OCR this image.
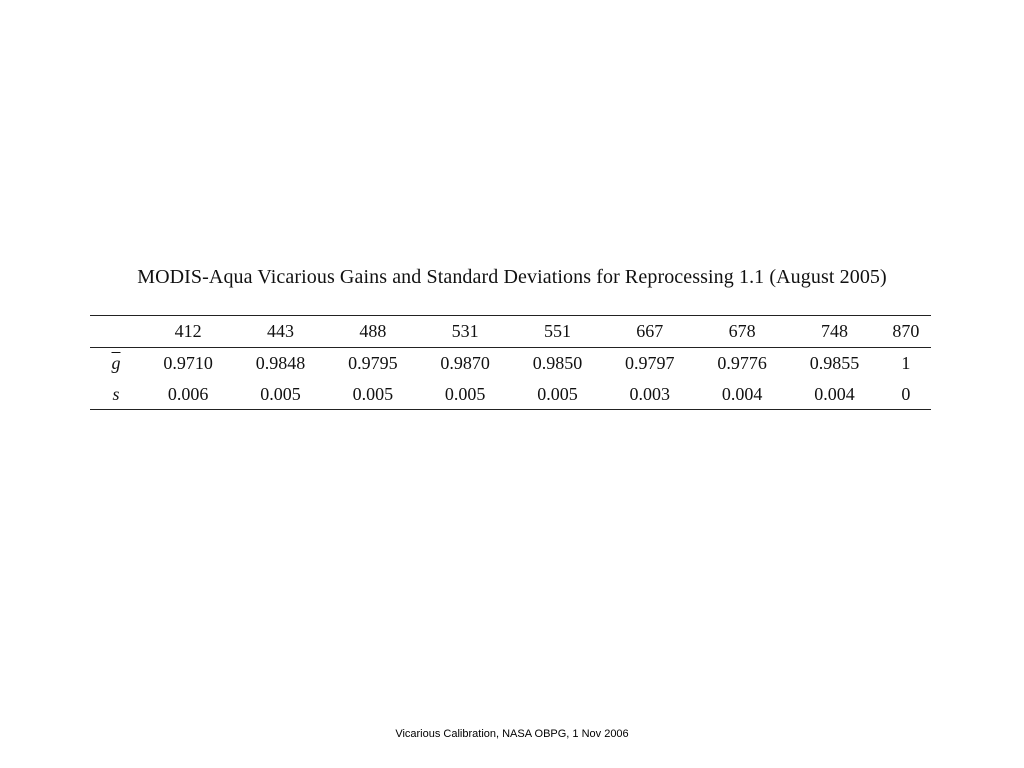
MODIS-Aqua Vicarious Gains and Standard Deviations for Reprocessing 1.1 (August 2005)
	412	443	488	531	551	667	678	748	870
$\overline{g}$	0.9710	0.9848	0.9795	0.9870	0.9850	0.9797	0.9776	0.9855	1
s	0.006	0.005	0.005	0.005	0.005	0.003	0.004	0.004	0
Vicarious Calibration, NASA OBPG, 1 Nov 2006
